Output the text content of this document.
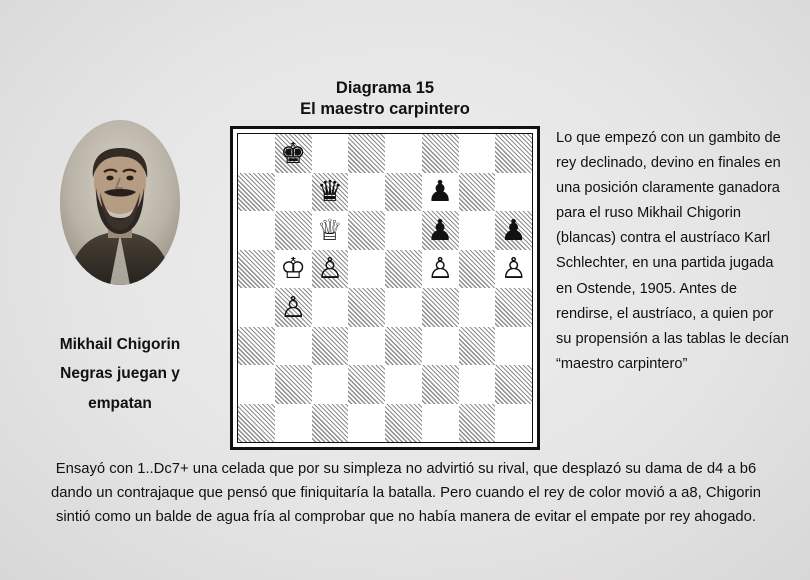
Diagrama 15
El maestro carpintero
Mikhail Chigorin
Negras juegan y
empatan
♚
♛	♟
♕	♟ ♟
♔ ♙	♙ ♙
♙

Lo que empezó con un gambito de rey declinado, devino en finales en una posición claramente ganadora para el ruso Mikhail Chigorin (blancas) contra el austríaco Karl Schlechter, en una partida jugada en Ostende, 1905. Antes de rendirse, el austríaco, a quien por su propensión a las tablas le decían “maestro carpintero”

Ensayó con 1..Dc7+ una celada que por su simpleza no advirtió su rival, que desplazó su dama de d4 a b6 dando un contrajaque que pensó que finiquitaría la batalla. Pero cuando el rey de color movió a a8, Chigorin sintió como un balde de agua fría al comprobar que no había manera de evitar el empate por rey ahogado.
